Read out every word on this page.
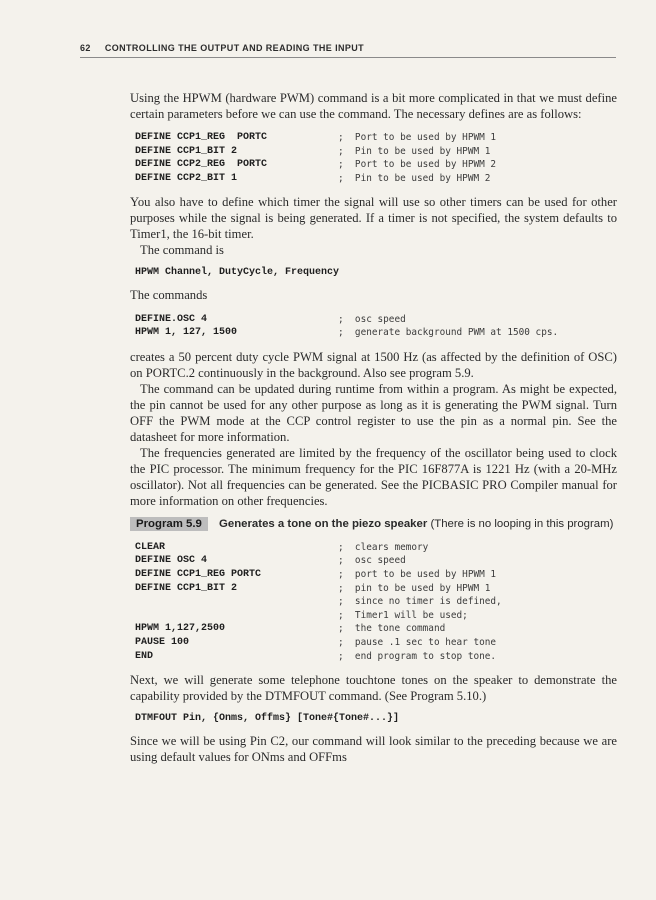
62 CONTROLLING THE OUTPUT AND READING THE INPUT

Using the HPWM (hardware PWM) command is a bit more complicated in that we must define certain parameters before we can use the command. The necessary defines are as follows:

DEFINE CCP1_REG  PORTC	;  Port to be used by HPWM 1
DEFINE CCP1_BIT 2	;  Pin to be used by HPWM 1
DEFINE CCP2_REG  PORTC	;  Port to be used by HPWM 2
DEFINE CCP2_BIT 1	;  Pin to be used by HPWM 2

You also have to define which timer the signal will use so other timers can be used for other purposes while the signal is being generated. If a timer is not specified, the system defaults to Timer1, the 16-bit timer.

The command is

HPWM Channel, DutyCycle, Frequency

The commands

DEFINE.OSC 4	;  osc speed
HPWM 1, 127, 1500	;  generate background PWM at 1500 cps.

creates a 50 percent duty cycle PWM signal at 1500 Hz (as affected by the definition of OSC) on PORTC.2 continuously in the background. Also see program 5.9.

The command can be updated during runtime from within a program. As might be expected, the pin cannot be used for any other purpose as long as it is generating the PWM signal. Turn OFF the PWM mode at the CCP control register to use the pin as a normal pin. See the datasheet for more information.

The frequencies generated are limited by the frequency of the oscillator being used to clock the PIC processor. The minimum frequency for the PIC 16F877A is 1221 Hz (with a 20-MHz oscillator). Not all frequencies can be generated. See the PICBASIC PRO Compiler manual for more information on other frequencies.

Program 5.9 Generates a tone on the piezo speaker (There is no looping in this program)
CLEAR	;  clears memory
DEFINE OSC 4	;  osc speed
DEFINE CCP1_REG PORTC	;  port to be used by HPWM 1
DEFINE CCP1_BIT 2	;  pin to be used by HPWM 1
;  since no timer is defined,
;  Timer1 will be used;
HPWM 1,127,2500	;  the tone command
PAUSE 100	;  pause .1 sec to hear tone
END	;  end program to stop tone.

Next, we will generate some telephone touchtone tones on the speaker to demonstrate the capability provided by the DTMFOUT command. (See Program 5.10.)

DTMFOUT Pin, {Onms, Offms} [Tone#{Tone#...}]

Since we will be using Pin C2, our command will look similar to the preceding because we are using default values for ONms and OFFms
